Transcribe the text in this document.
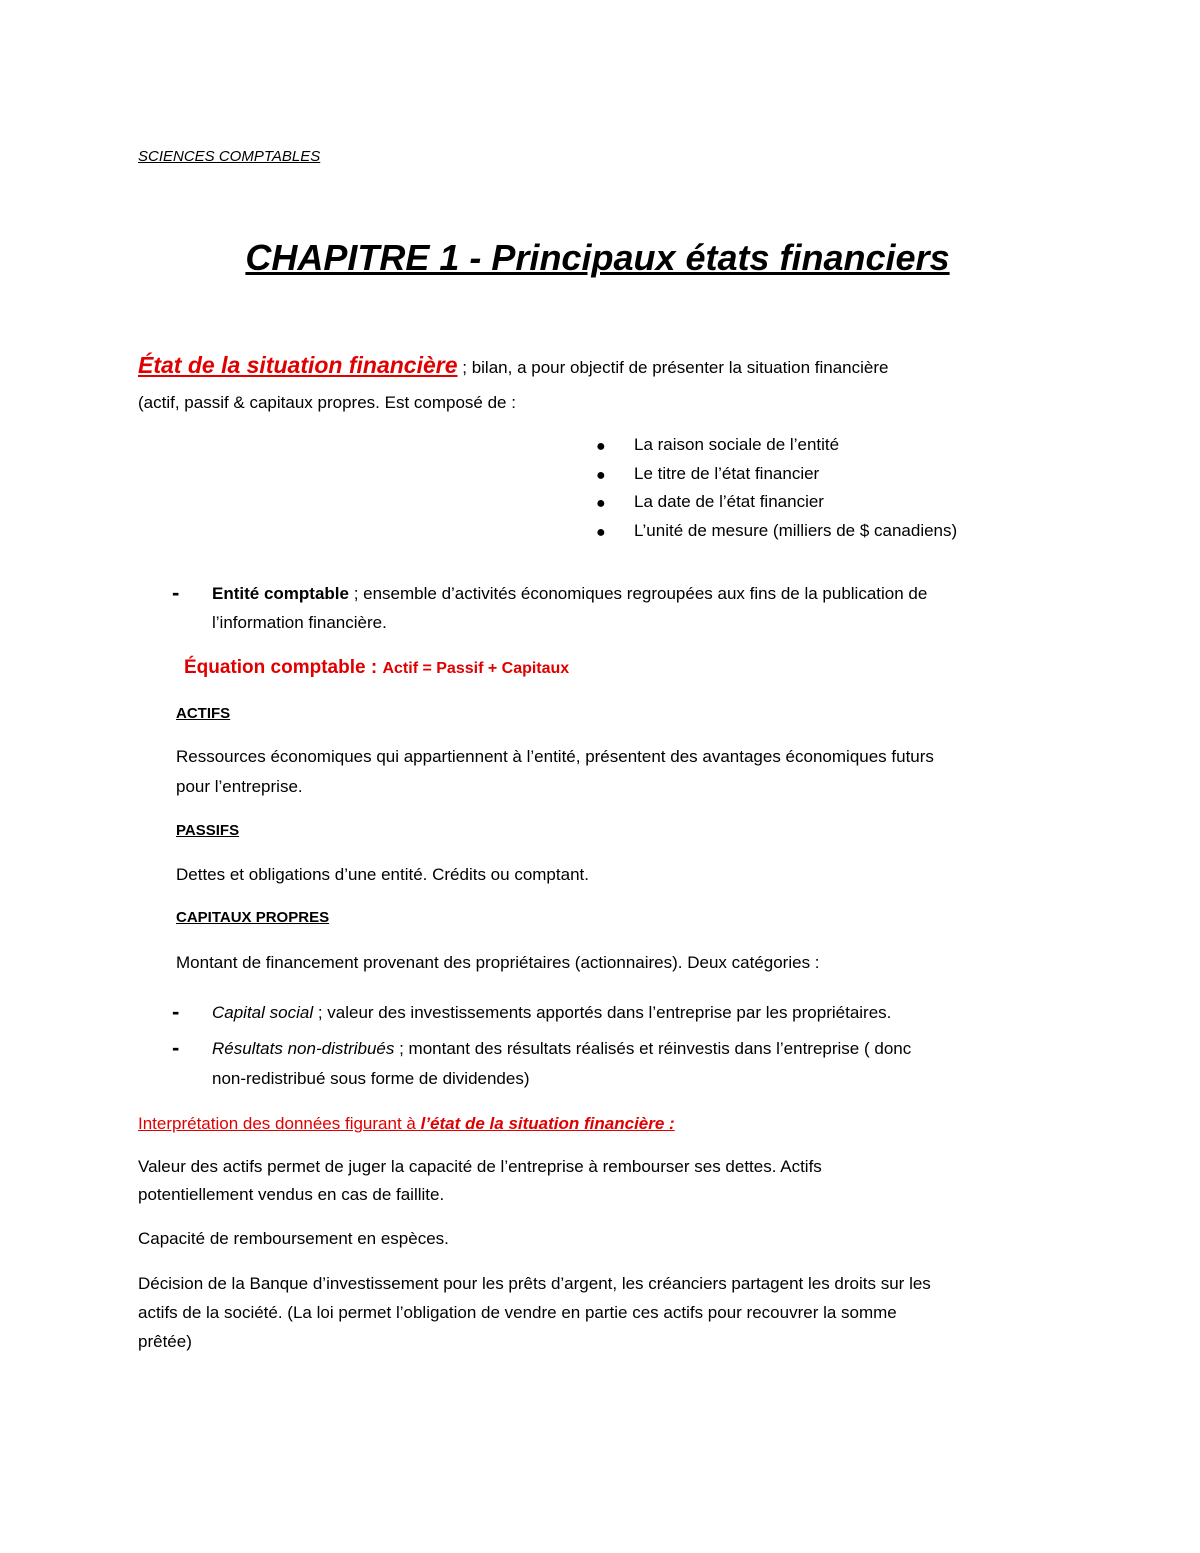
SCIENCES COMPTABLES
CHAPITRE 1 - Principaux états financiers
État de la situation financière ; bilan, a pour objectif de présenter la situation financière
(actif, passif & capitaux propres. Est composé de :
● La raison sociale de l’entité
● Le titre de l’état financier
● La date de l’état financier
● L’unité de mesure (milliers de $ canadiens)
- Entité comptable ; ensemble d’activités économiques regroupées aux fins de la publication de
l’information financière.
Équation comptable : Actif = Passif + Capitaux
ACTIFS
Ressources économiques qui appartiennent à l’entité, présentent des avantages économiques futurs
pour l’entreprise.
PASSIFS
Dettes et obligations d’une entité. Crédits ou comptant.
CAPITAUX PROPRES
Montant de financement provenant des propriétaires (actionnaires). Deux catégories :
- Capital social ; valeur des investissements apportés dans l’entreprise par les propriétaires.
- Résultats non-distribués ; montant des résultats réalisés et réinvestis dans l’entreprise ( donc
non-redistribué sous forme de dividendes)
Interprétation des données figurant à l’état de la situation financière :
Valeur des actifs permet de juger la capacité de l’entreprise à rembourser ses dettes. Actifs
potentiellement vendus en cas de faillite.
Capacité de remboursement en espèces.
Décision de la Banque d’investissement pour les prêts d’argent, les créanciers partagent les droits sur les
actifs de la société. (La loi permet l’obligation de vendre en partie ces actifs pour recouvrer la somme
prêtée)
